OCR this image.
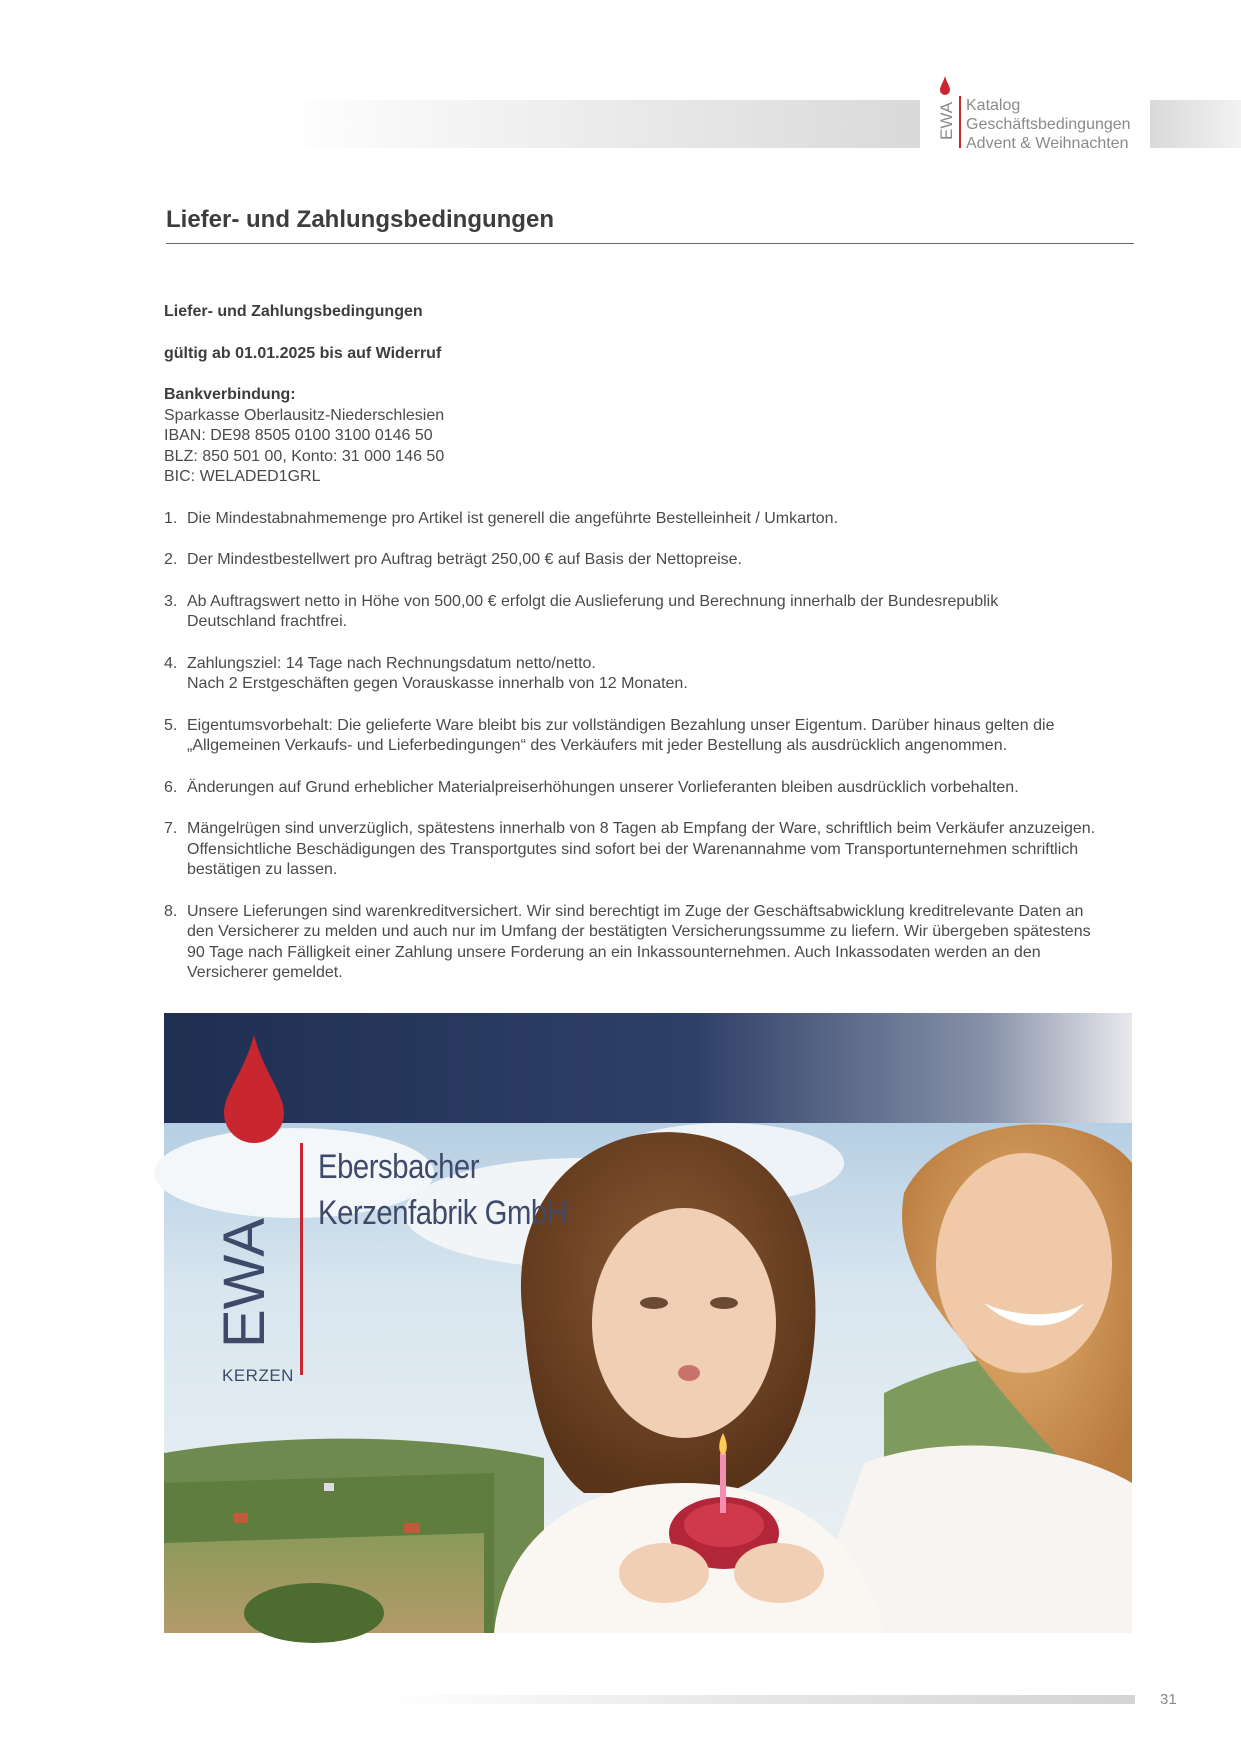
EWA Katalog
Geschäftsbedingungen
Advent & Weihnachten
Liefer- und Zahlungsbedingungen

Liefer- und Zahlungsbedingungen

gültig ab 01.01.2025 bis auf Widerruf

Bankverbindung:

Sparkasse Oberlausitz-Niederschlesien

IBAN: DE98 8505 0100 3100 0146 50

BLZ: 850 501 00, Konto: 31 000 146 50

BIC: WELADED1GRL

1. Die Mindestabnahmemenge pro Artikel ist generell die angeführte Bestelleinheit / Umkarton.
2. Der Mindestbestellwert pro Auftrag beträgt 250,00 € auf Basis der Nettopreise.
3. Ab Auftragswert netto in Höhe von 500,00 € erfolgt die Auslieferung und Berechnung innerhalb der Bundesrepublik
Deutschland frachtfrei.
4. Zahlungsziel: 14 Tage nach Rechnungsdatum netto/netto.
Nach 2 Erstgeschäften gegen Vorauskasse innerhalb von 12 Monaten.
5. Eigentumsvorbehalt: Die gelieferte Ware bleibt bis zur vollständigen Bezahlung unser Eigentum. Darüber hinaus gelten die
„Allgemeinen Verkaufs- und Lieferbedingungen“ des Verkäufers mit jeder Bestellung als ausdrücklich angenommen.
6. Änderungen auf Grund erheblicher Materialpreiserhöhungen unserer Vorlieferanten bleiben ausdrücklich vorbehalten.
7. Mängelrügen sind unverzüglich, spätestens innerhalb von 8 Tagen ab Empfang der Ware, schriftlich beim Verkäufer anzuzeigen.
Offensichtliche Beschädigungen des Transportgutes sind sofort bei der Warenannahme vom Transportunternehmen schriftlich
bestätigen zu lassen.
8. Unsere Lieferungen sind warenkreditversichert. Wir sind berechtigt im Zuge der Geschäftsabwicklung kreditrelevante Daten an
den Versicherer zu melden und auch nur im Umfang der bestätigten Versicherungssumme zu liefern. Wir übergeben spätestens
90 Tage nach Fälligkeit einer Zahlung unsere Forderung an ein Inkassounternehmen. Auch Inkassodaten werden an den
Versicherer gemeldet.
EWA
KERZEN
Ebersbacher
Kerzenfabrik GmbH
31
